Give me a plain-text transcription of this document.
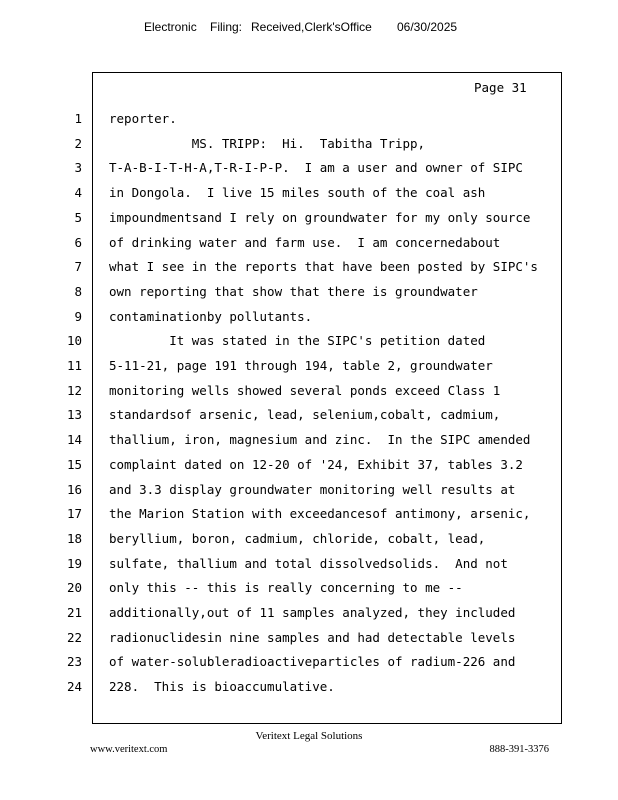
Electronic Filing: Received,Clerk'sOffice 06/30/2025
Page 31
1 reporter.
2 MS. TRIPP:  Hi.  Tabitha Tripp,
3 T-A-B-I-T-H-A,T-R-I-P-P.  I am a user and owner of SIPC
4 in Dongola.  I live 15 miles south of the coal ash
5 impoundmentsand I rely on groundwater for my only source
6 of drinking water and farm use.  I am concernedabout
7 what I see in the reports that have been posted by SIPC's
8 own reporting that show that there is groundwater
9 contaminationby pollutants.
10 It was stated in the SIPC's petition dated
11 5-11-21, page 191 through 194, table 2, groundwater
12 monitoring wells showed several ponds exceed Class 1
13 standardsof arsenic, lead, selenium,cobalt, cadmium,
14 thallium, iron, magnesium and zinc.  In the SIPC amended
15 complaint dated on 12-20 of '24, Exhibit 37, tables 3.2
16 and 3.3 display groundwater monitoring well results at
17 the Marion Station with exceedancesof antimony, arsenic,
18 beryllium, boron, cadmium, chloride, cobalt, lead,
19 sulfate, thallium and total dissolvedsolids.  And not
20 only this -- this is really concerning to me --
21 additionally,out of 11 samples analyzed, they included
22 radionuclidesin nine samples and had detectable levels
23 of water-solubleradioactiveparticles of radium-226 and
24 228.  This is bioaccumulative.
Veritext Legal Solutions
www.veritext.com	888-391-3376
